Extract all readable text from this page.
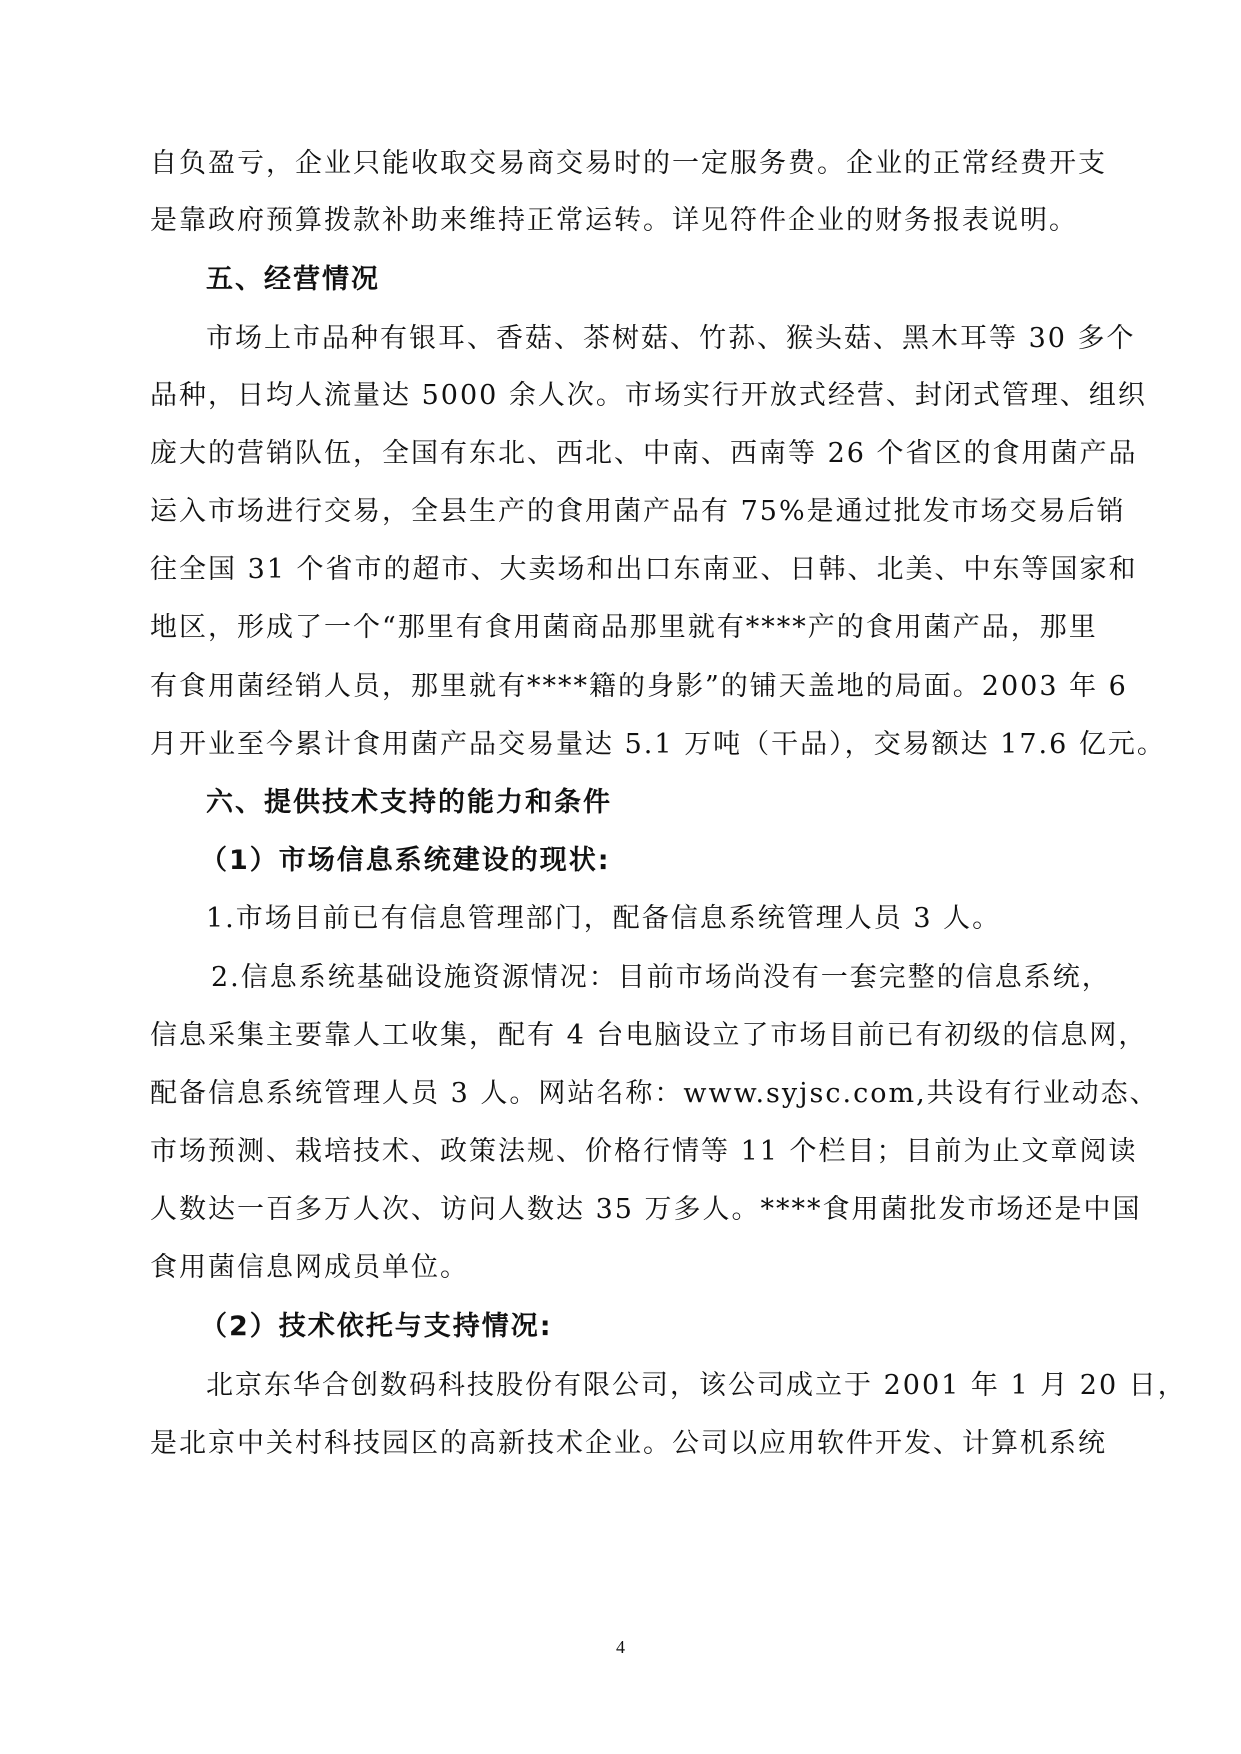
自负盈亏，企业只能收取交易商交易时的一定服务费。企业的正常经费开支
是靠政府预算拨款补助来维持正常运转。详见符件企业的财务报表说明。
五、经营情况
市场上市品种有银耳、香菇、茶树菇、竹荪、猴头菇、黑木耳等 30 多个
品种，日均人流量达 5000 余人次。市场实行开放式经营、封闭式管理、组织
庞大的营销队伍，全国有东北、西北、中南、西南等 26 个省区的食用菌产品
运入市场进行交易，全县生产的食用菌产品有 75%是通过批发市场交易后销
往全国 31 个省市的超市、大卖场和出口东南亚、日韩、北美、中东等国家和
地区，形成了一个“那里有食用菌商品那里就有****产的食用菌产品，那里
有食用菌经销人员，那里就有****籍的身影”的铺天盖地的局面。2003 年 6
月开业至今累计食用菌产品交易量达 5.1 万吨（干品），交易额达 17.6 亿元。
六、提供技术支持的能力和条件
（1）市场信息系统建设的现状:
1.市场目前已有信息管理部门，配备信息系统管理人员 3 人。
2.信息系统基础设施资源情况：目前市场尚没有一套完整的信息系统，
信息采集主要靠人工收集，配有 4 台电脑设立了市场目前已有初级的信息网，
配备信息系统管理人员 3 人。网站名称：www.syjsc.com,共设有行业动态、
市场预测、栽培技术、政策法规、价格行情等 11 个栏目；目前为止文章阅读
人数达一百多万人次、访问人数达 35 万多人。****食用菌批发市场还是中国
食用菌信息网成员单位。
（2）技术依托与支持情况:
北京东华合创数码科技股份有限公司，该公司成立于 2001 年 1 月 20 日，
是北京中关村科技园区的高新技术企业。公司以应用软件开发、计算机系统
4
